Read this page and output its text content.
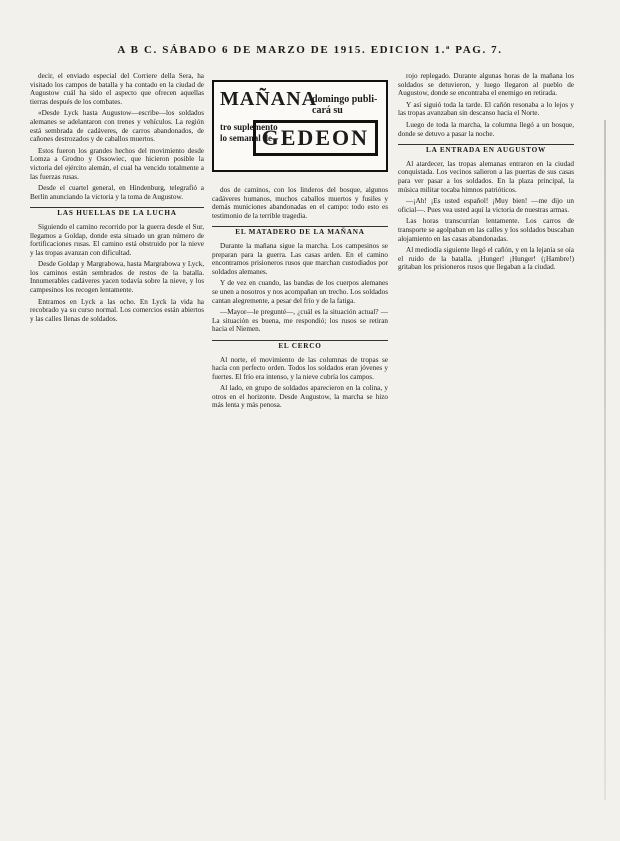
A B C. SÁBADO 6 DE MARZO DE 1915. EDICION 1.ª PAG. 7.

decir, el enviado especial del Corriere della Sera, ha visitado los campos de batalla y ha contado en la ciudad de Augustow cuál ha sido el aspecto que ofrecen aquellas tierras después de los combates.

«Desde Lyck hasta Augustow—escribe—los soldados alemanes se adelantaron con trenes y vehículos. La región está sembrada de cadáveres, de carros abandonados, de cañones destrozados y de caballos muertos.

Estos fueron los grandes hechos del movimiento desde Lomza a Grodno y Ossowiec, que hicieron posible la victoria del ejército alemán, el cual ha vencido totalmente a las fuerzas rusas.

Desde el cuartel general, en Hindenburg, telegrafió a Berlín anunciando la victoria y la toma de Augustow.

LAS HUELLAS DE LA LUCHA

Siguiendo el camino recorrido por la guerra desde el Sur, llegamos a Goldap, donde esta situado un gran número de fortificaciones rusas. El camino está obstruido por la nieve y las tropas avanzan con dificultad.

Desde Goldap y Margrabowa, hasta Margrabowa y Lyck, los caminos están sembrados de restos de la batalla. Innumerables cadáveres yacen todavía sobre la nieve, y los campesinos los recogen lentamente.

Entramos en Lyck a las ocho. En Lyck la vida ha recobrado ya su curso normal. Los comercios están abiertos y las calles llenas de soldados.

MAÑANA
domingo publi-
cará su
tro suplemento
lo semanal de
GEDEON

dos de caminos, con los linderos del bosque, algunos cadáveres humanos, muchos caballos muertos y fusiles y demás municiones abandonadas en el campo: todo esto es testimonio de la terrible tragedia.

EL MATADERO DE LA MAÑANA

Durante la mañana sigue la marcha. Los campesinos se preparan para la guerra. Las casas arden. En el camino encontramos prisioneros rusos que marchan custodiados por soldados alemanes.

Y de vez en cuando, las bandas de los cuerpos alemanes se unen a nosotros y nos acompañan un trecho. Los soldados cantan alegremente, a pesar del frío y de la fatiga.

—Mayor—le pregunté—, ¿cuál es la situación actual? —La situación es buena, me respondió; los rusos se retiran hacia el Niemen.

EL CERCO

Al norte, el movimiento de las columnas de tropas se hacía con perfecto orden. Todos los soldados eran jóvenes y fuertes. El frío era intenso, y la nieve cubría los campos.

Al lado, en grupo de soldados aparecieron en la colina, y otros en el horizonte. Desde Augustow, la marcha se hizo más lenta y más penosa.

rojo replegado. Durante algunas horas de la mañana los soldados se detuvieron, y luego llegaron al pueblo de Augustow, donde se encontraba el enemigo en retirada.

Y así siguió toda la tarde. El cañón resonaba a lo lejos y las tropas avanzaban sin descanso hacia el Norte.

Luego de toda la marcha, la columna llegó a un bosque, donde se detuvo a pasar la noche.

LA ENTRADA EN AUGUSTOW

Al atardecer, las tropas alemanas entraron en la ciudad conquistada. Los vecinos salieron a las puertas de sus casas para ver pasar a los soldados. En la plaza principal, la música militar tocaba himnos patrióticos.

—¡Ah! ¡Es usted español! ¡Muy bien! —me dijo un oficial—. Pues vea usted aquí la victoria de nuestras armas.

Las horas transcurrían lentamente. Los carros de transporte se agolpaban en las calles y los soldados buscaban alojamiento en las casas abandonadas.

Al mediodía siguiente llegó el cañón, y en la lejanía se oía el ruido de la batalla. ¡Hunger! ¡Hunger! (¡Hambre!) gritaban los prisioneros rusos que llegaban a la ciudad.
